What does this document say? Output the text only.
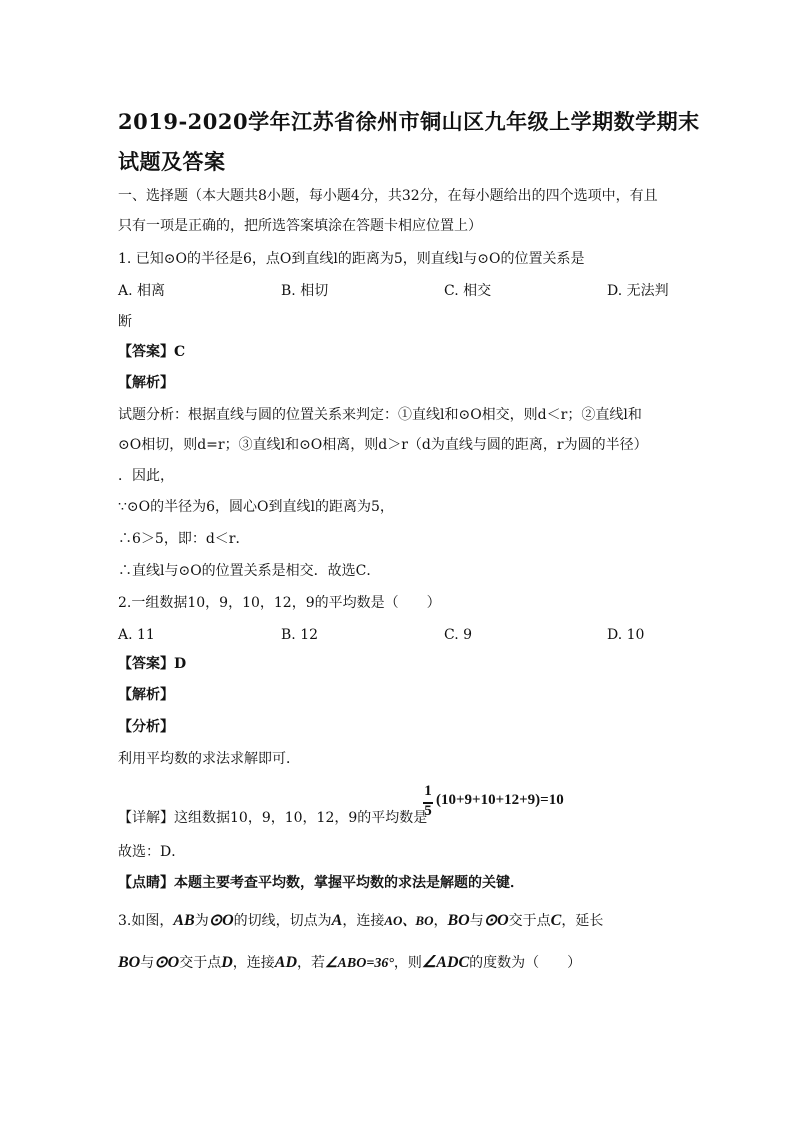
2019-2020学年江苏省徐州市铜山区九年级上学期数学期末
试题及答案
一、选择题（本大题共8小题，每小题4分，共32分，在每小题给出的四个选项中，有且
只有一项是正确的，把所选答案填涂在答题卡相应位置上）
1. 已知⊙O的半径是6，点O到直线l的距离为5，则直线l与⊙O的位置关系是
A. 相离	B. 相切	C. 相交	D. 无法判
断
【答案】C
【解析】
试题分析：根据直线与圆的位置关系来判定：①直线l和⊙O相交，则d＜r；②直线l和
⊙O相切，则d=r；③直线l和⊙O相离，则d＞r（d为直线与圆的距离，r为圆的半径）
．因此，
∵⊙O的半径为6，圆心O到直线l的距离为5，
∴6＞5，即：d＜r．
∴直线l与⊙O的位置关系是相交．故选C．
2.一组数据10，9，10，12，9的平均数是（　　）
A. 11	B. 12	C. 9	D. 10
【答案】D
【解析】
【分析】
利用平均数的求法求解即可．
【详解】这组数据10，9，10，12，9的平均数是
1
5
(10+9+10+12+9)=10
故选：D．
【点睛】本题主要考查平均数，掌握平均数的求法是解题的关键．
3.如图，AB为⊙O的切线，切点为A，连接AO、BO，BO与⊙O交于点C，延长
BO与⊙O交于点D，连接AD，若∠ABO=36°，则∠ADC的度数为（　　）
